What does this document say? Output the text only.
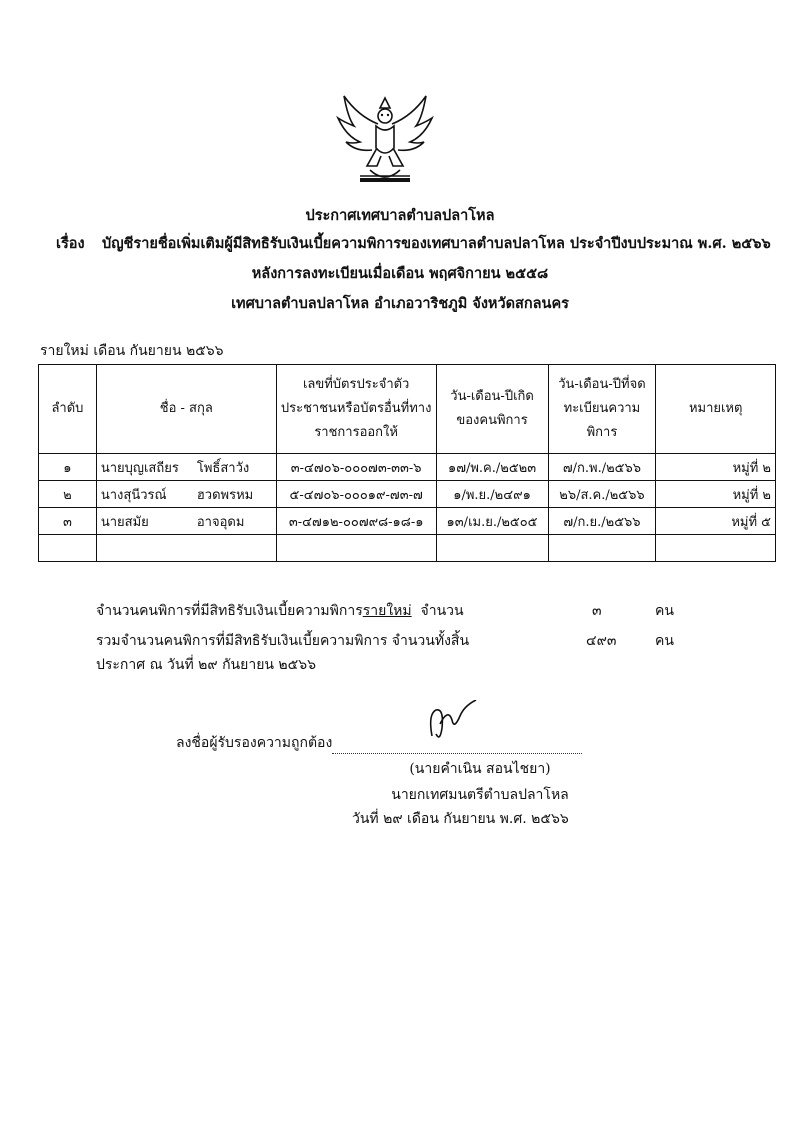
ประกาศเทศบาลตำบลปลาโหล
เรื่อง บัญชีรายชื่อเพิ่มเติมผู้มีสิทธิรับเงินเบี้ยความพิการของเทศบาลตำบลปลาโหล ประจำปีงบประมาณ พ.ศ. ๒๕๖๖
หลังการลงทะเบียนเมื่อเดือน พฤศจิกายน ๒๕๕๘
เทศบาลตำบลปลาโหล อำเภอวาริชภูมิ จังหวัดสกลนคร
รายใหม่ เดือน กันยายน ๒๕๖๖
ลำดับ	ชื่อ - สกุล	เลขที่บัตรประจำตัวประชาชนหรือบัตรอื่นที่ทางราชการออกให้	วัน-เดือน-ปีเกิดของคนพิการ	วัน-เดือน-ปีที่จดทะเบียนความพิการ	หมายเหตุ
๑	นายบุญเสถียร โพธิ์สาวัง	๓-๔๗๐๖-๐๐๐๗๓-๓๓-๖	๑๗/พ.ค./๒๕๒๓	๗/ก.พ./๒๕๖๖	หมู่ที่ ๒
๒	นางสุนีวรณ์ ฮวดพรหม	๕-๔๗๐๖-๐๐๐๑๙-๗๓-๗	๑/พ.ย./๒๔๙๑	๒๖/ส.ค./๒๕๖๖	หมู่ที่ ๒
๓	นายสมัย อาจอุดม	๓-๔๗๑๒-๐๐๗๙๘-๑๘-๑	๑๓/เม.ย./๒๕๐๕	๗/ก.ย./๒๕๖๖	หมู่ที่ ๕

จำนวนคนพิการที่มีสิทธิรับเงินเบี้ยความพิการรายใหม่ จำนวน	๓	คน
รวมจำนวนคนพิการที่มีสิทธิรับเงินเบี้ยความพิการ จำนวนทั้งสิ้น	๔๙๓	คน
ประกาศ ณ วันที่ ๒๙ กันยายน ๒๕๖๖
ลงชื่อผู้รับรองความถูกต้อง
(นายคำเนิน สอนไชยา)
นายกเทศมนตรีตำบลปลาโหล
วันที่ ๒๙ เดือน กันยายน พ.ศ. ๒๕๖๖
